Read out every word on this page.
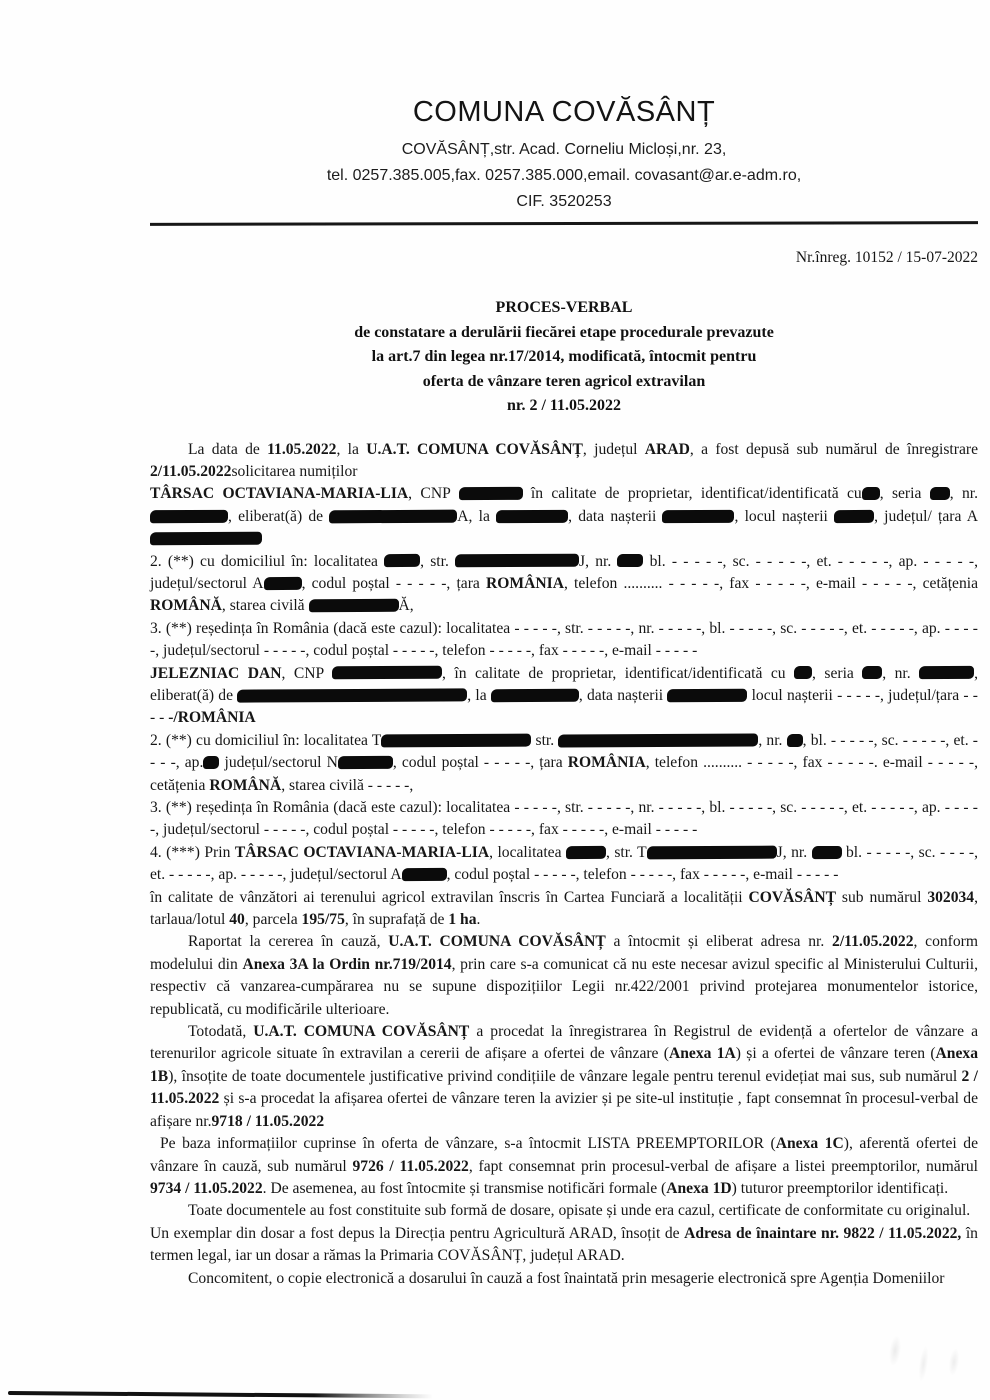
COMUNA COVĂSÂNȚ
COVĂSÂNȚ,str. Acad. Corneliu Micloși,nr. 23,
tel. 0257.385.005,fax. 0257.385.000,email. covasant@ar.e-adm.ro,
CIF. 3520253
Nr.înreg. 10152 / 15-07-2022
PROCES-VERBAL
de constatare a derulării fiecărei etape procedurale prevazute
la art.7 din legea nr.17/2014, modificată, întocmit pentru
oferta de vânzare teren agricol extravilan
nr. 2 / 11.05.2022

La data de 11.05.2022, la U.A.T. COMUNA COVĂSÂNȚ, județul ARAD, a fost depusă sub numărul de înregistrare 2/11.05.2022solicitarea numiților

TÂRSAC OCTAVIANA-MARIA-LIA, CNP	în calitate de proprietar, identificat/identificată cu , seria , nr. , eliberat(ă) de	A, la	, data nașterii	, locul nașterii	, județul/ țara A

2. (**) cu domiciliul în: localitatea , str.	J, nr.  bl. - - - - -, sc. - - - - -, et. - - - - -, ap. - - - - -, județul/sectorul A , codul poștal - - - - -, țara ROMÂNIA, telefon .......... - - - - -, fax - - - - -, e-mail - - - - -, cetățenia ROMÂNĂ, starea civilă	Ă,

3. (**) reședința în România (dacă este cazul): localitatea - - - - -, str. - - - - -, nr. - - - - -, bl. - - - - -, sc. - - - - -, et. - - - - -, ap. - - - - -, județul/sectorul - - - - -, codul poștal - - - - -, telefon - - - - -, fax - - - - -, e-mail - - - - -

JELEZNIAC DAN, CNP	, în calitate de proprietar, identificat/identificată cu , seria , nr.	, eliberat(ă) de	, la	, data nașterii	locul nașterii - - - - -, județul/țara - - - - -/ROMÂNIA

2. (**) cu domiciliul în: localitatea T	str.	, nr. , bl. - - - - -, sc. - - - - -, et. - - - -, ap. județul/sectorul N	, codul poștal - - - - -, țara ROMÂNIA, telefon .......... - - - - -, fax - - - - -. e-mail - - - - -, cetățenia ROMÂNĂ, starea civilă - - - - -,

3. (**) reședința în România (dacă este cazul): localitatea - - - - -, str. - - - - -, nr. - - - - -, bl. - - - - -, sc. - - - - -, et. - - - - -, ap. - - - - -, județul/sectorul - - - - -, codul poștal - - - - -, telefon - - - - -, fax - - - - -, e-mail - - - - -

4. (***) Prin TÂRSAC OCTAVIANA-MARIA-LIA, localitatea	, str. T	J, nr.  bl. - - - - -, sc. - - - -, et. - - - - -, ap. - - - - -, județul/sectorul A	, codul poștal - - - - -, telefon - - - - -, fax - - - - -, e-mail - - - - -

în calitate de vânzători ai terenului agricol extravilan înscris în Cartea Funciară a localității COVĂSÂNȚ sub numărul 302034, tarlaua/lotul 40, parcela 195/75, în suprafață de 1 ha.

Raportat la cererea în cauză, U.A.T. COMUNA COVĂSÂNȚ a întocmit și eliberat adresa nr. 2/11.05.2022, conform modelului din Anexa 3A la Ordin nr.719/2014, prin care s-a comunicat că nu este necesar avizul specific al Ministerului Culturii, respectiv că vanzarea-cumpărarea nu se supune dispozițiilor Legii nr.422/2001 privind protejarea monumentelor istorice, republicată, cu modificările ulterioare.

Totodată, U.A.T. COMUNA COVĂSÂNȚ a procedat la înregistrarea în Registrul de evidență a ofertelor de vânzare a terenurilor agricole situate în extravilan a cererii de afișare a ofertei de vânzare (Anexa 1A) și a ofertei de vânzare teren (Anexa 1B), însoțite de toate documentele justificative privind condițiile de vânzare legale pentru terenul evidețiat mai sus, sub numărul 2 / 11.05.2022 și s-a procedat la afișarea ofertei de vânzare teren la avizier și pe site-ul instituție , fapt consemnat în procesul-verbal de afișare nr.9718 / 11.05.2022

Pe baza informațiilor cuprinse în oferta de vânzare, s-a întocmit LISTA PREEMPTORILOR (Anexa 1C), aferentă ofertei de vânzare în cauză, sub numărul 9726 / 11.05.2022, fapt consemnat prin procesul-verbal de afișare a listei preemptorilor, numărul 9734 / 11.05.2022. De asemenea, au fost întocmite și transmise notificări formale (Anexa 1D) tuturor preemptorilor identificați.

Toate documentele au fost constituite sub formă de dosare, opisate și unde era cazul, certificate de conformitate cu originalul.

Un exemplar din dosar a fost depus la Direcția pentru Agricultură ARAD, însoțit de Adresa de înaintare nr. 9822 / 11.05.2022, în termen legal, iar un dosar a rămas la Primaria COVĂSÂNȚ, județul ARAD.

Concomitent, o copie electronică a dosarului în cauză a fost înaintată prin mesagerie electronică spre Agenția Domeniilor
